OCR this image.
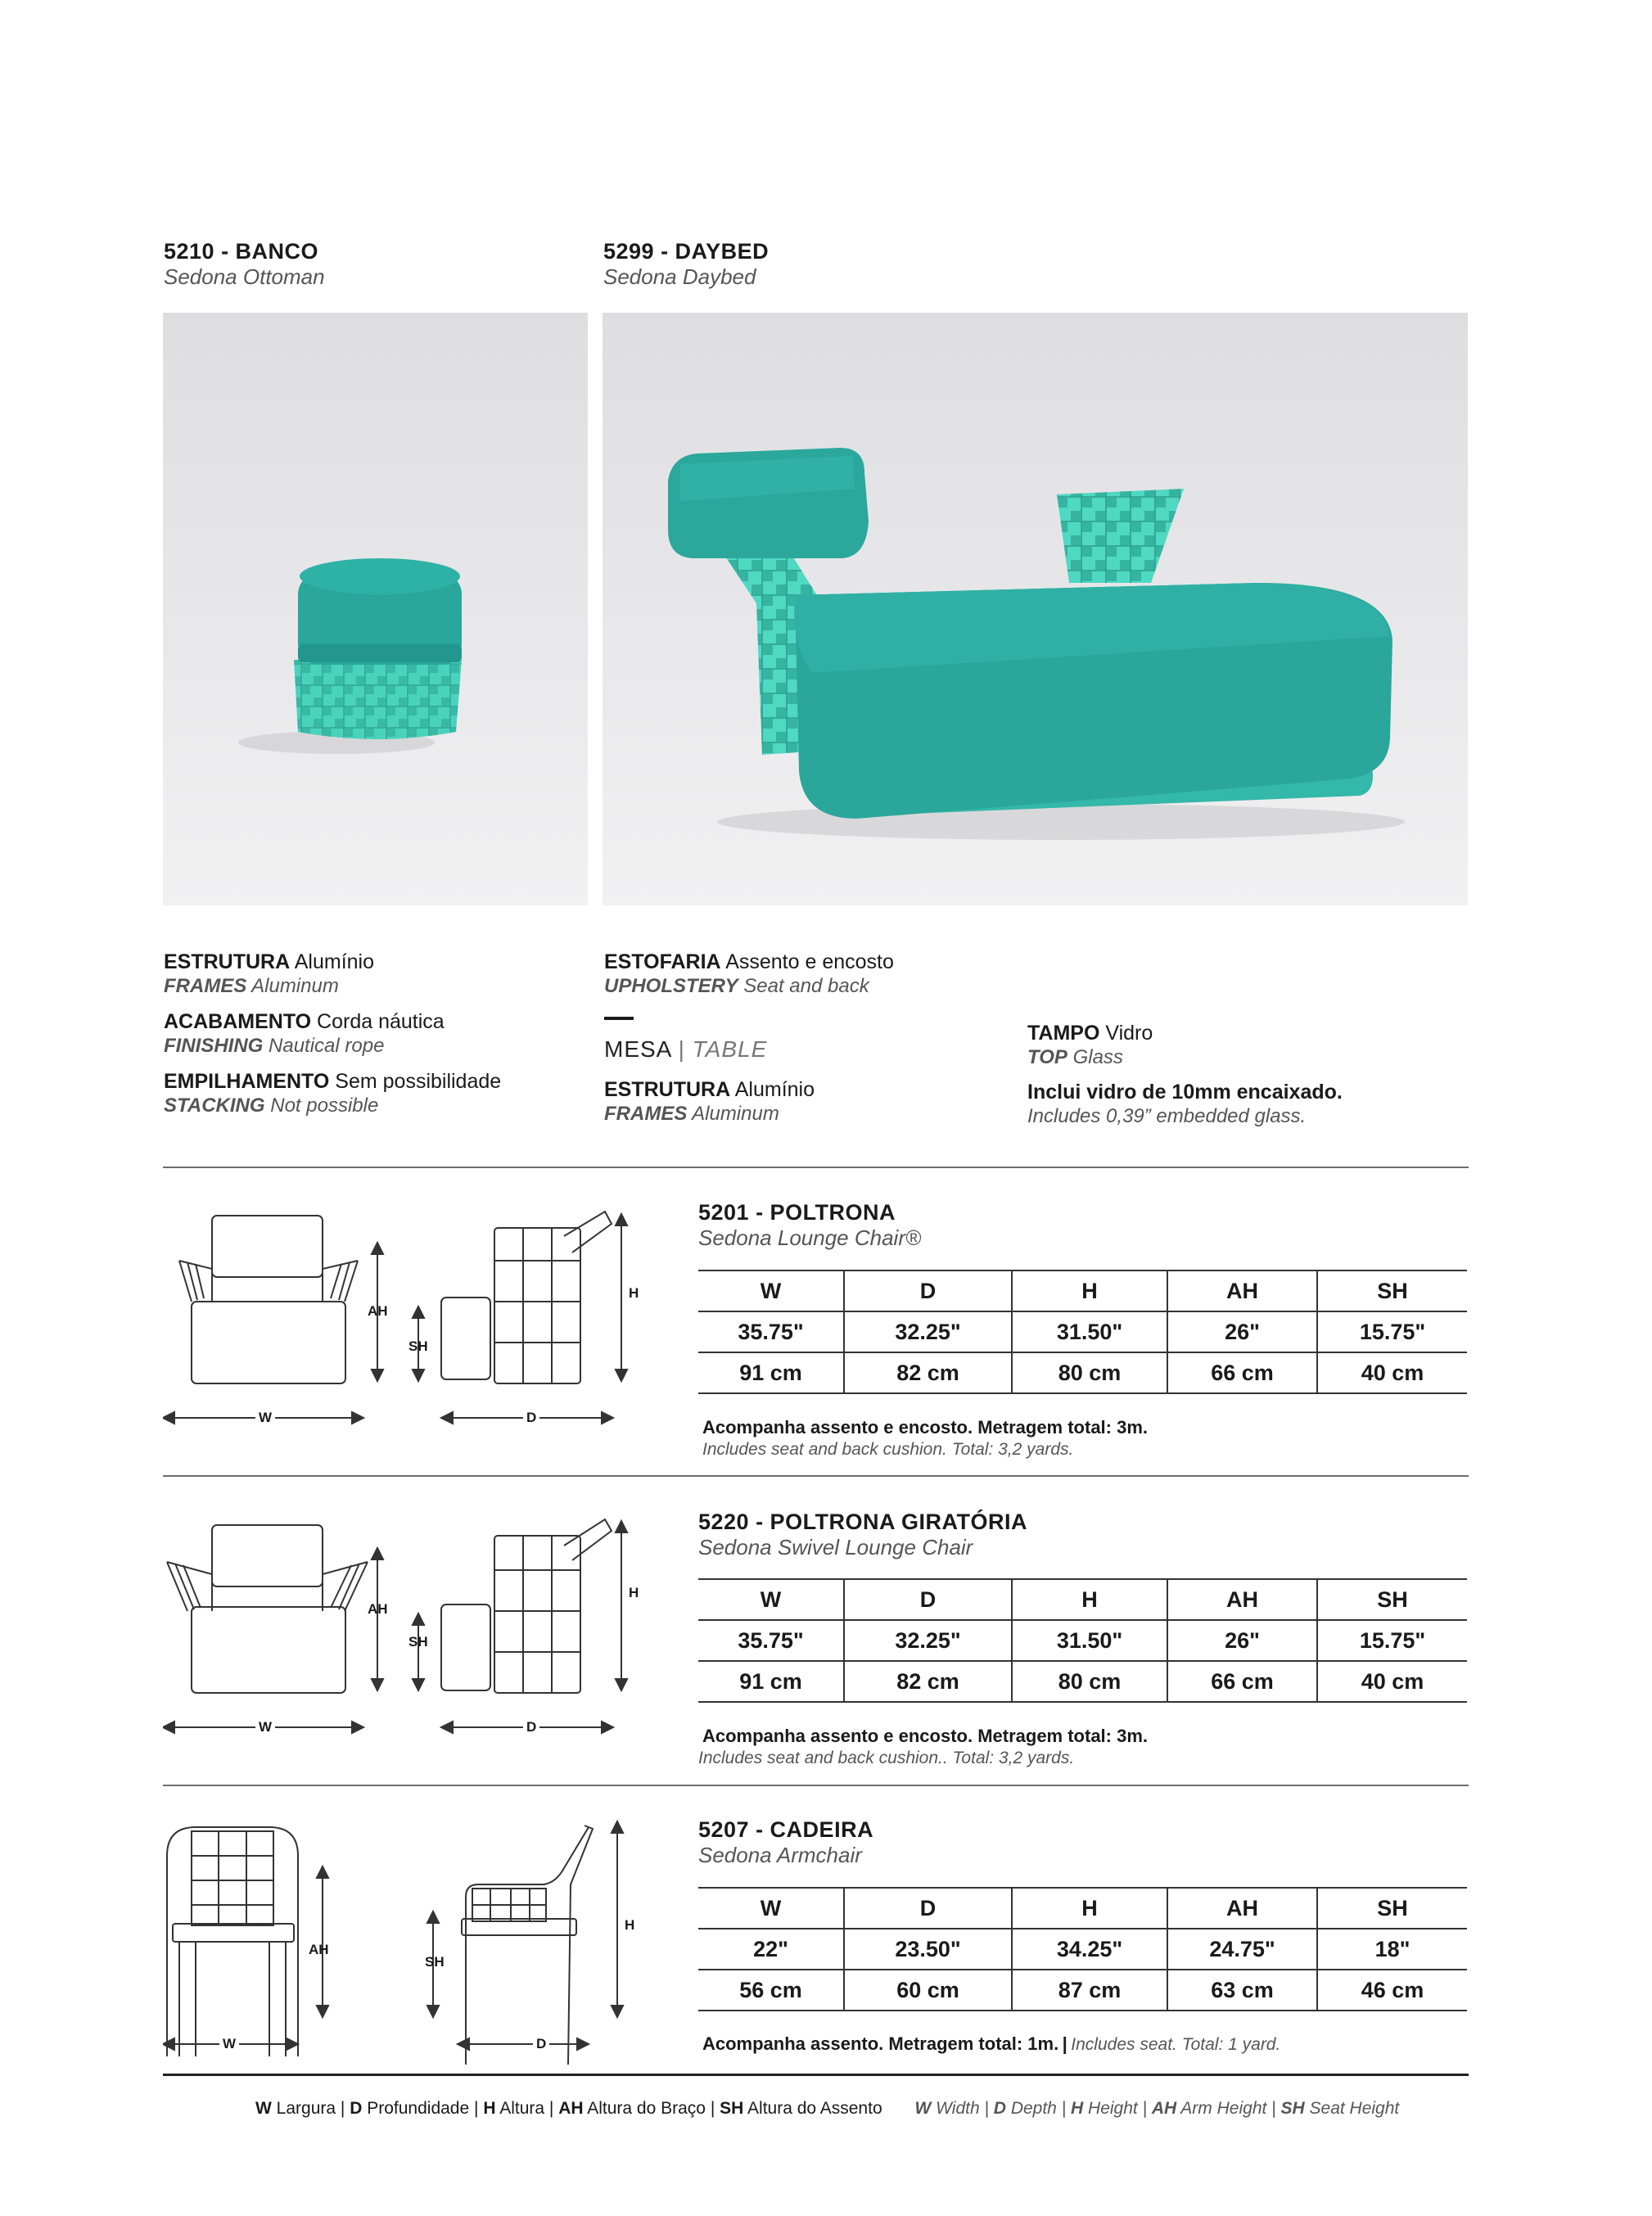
5210 - BANCO
Sedona Ottoman
5299 - DAYBED
Sedona Daybed
ESTRUTURA Alumínio
FRAMES Aluminum
ACABAMENTO Corda náutica
FINISHING Nautical rope
EMPILHAMENTO Sem possibilidade
STACKING Not possible
ESTOFARIA Assento e encosto
UPHOLSTERY Seat and back
MESA | TABLE
ESTRUTURA Alumínio
FRAMES Aluminum
TAMPO Vidro
TOP Glass
Inclui vidro de 10mm encaixado.
Includes 0,39” embedded glass.
AH
SH
W	D
H
5201 - POLTRONA
Sedona Lounge Chair®
W	D	H	AH	SH
35.75"	32.25"	31.50"	26"	15.75"
91 cm	82 cm	80 cm	66 cm	40 cm
Acompanha assento e encosto. Metragem total: 3m.
Includes seat and back cushion. Total: 3,2 yards.
AH
SH
W	D
H
5220 - POLTRONA GIRATÓRIA
Sedona Swivel Lounge Chair
W	D	H	AH	SH
35.75"	32.25"	31.50"	26"	15.75"
91 cm	82 cm	80 cm	66 cm	40 cm
Acompanha assento e encosto. Metragem total: 3m.
Includes seat and back cushion.. Total: 3,2 yards.
AH
SH
W	D
H
5207 - CADEIRA
Sedona Armchair
W	D	H	AH	SH
22"	23.50"	34.25"	24.75"	18"
56 cm	60 cm	87 cm	63 cm	46 cm
Acompanha assento. Metragem total: 1m. | Includes seat. Total: 1 yard.
W Largura | D Profundidade | H Altura | AH Altura do Braço | SH Altura do Assento W Width | D Depth | H Height | AH Arm Height | SH Seat Height
